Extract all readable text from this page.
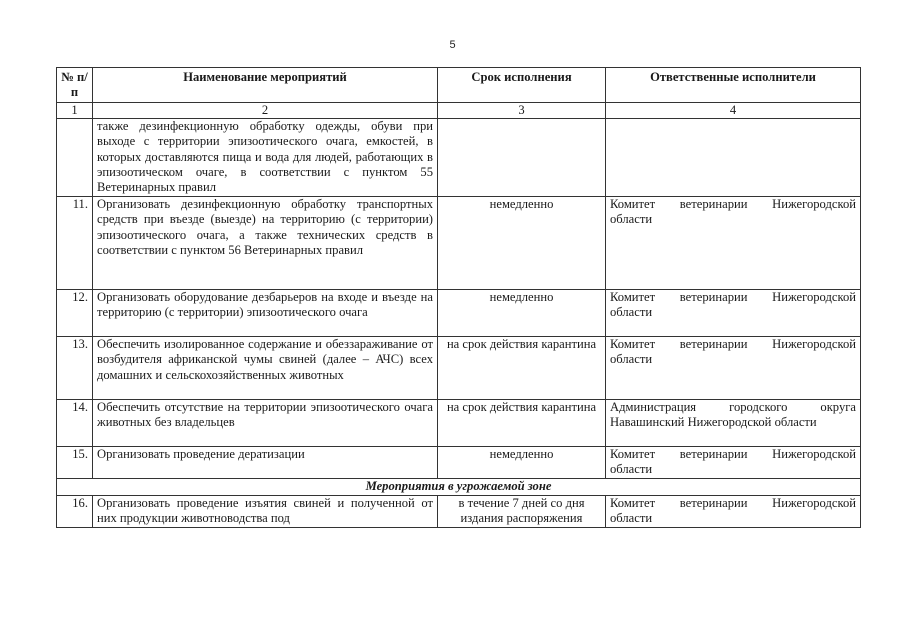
5
№ п/п	Наименование мероприятий	Срок исполнения	Ответственные исполнители
1	2	3	4
	также дезинфекционную обработку одежды, обуви при выходе с территории эпизоотического очага, емкостей, в которых доставляются пища и вода для людей, работающих в эпизоотическом очаге, в соответствии с пунктом 55 Ветеринарных правил		
11.	Организовать дезинфекционную обработку транспортных средств при въезде (выезде) на территорию (с территории) эпизоотического очага, а также технических средств в соответствии с пунктом 56 Ветеринарных правил	немедленно	Комитет ветеринарии Нижегородской области
12.	Организовать оборудование дезбарьеров на входе и въезде на территорию (с территории) эпизоотического очага	немедленно	Комитет ветеринарии Нижегородской области
13.	Обеспечить изолированное содержание и обеззараживание от возбудителя африканской чумы свиней (далее – АЧС) всех домашних и сельскохозяйственных животных	на срок действия карантина	Комитет ветеринарии Нижегородской области
14.	Обеспечить отсутствие на территории эпизоотического очага животных без владельцев	на срок действия карантина	Администрация городского округа Навашинский Нижегородской области
15.	Организовать проведение дератизации	немедленно	Комитет ветеринарии Нижегородской области
Мероприятия в угрожаемой зоне			
16.	Организовать проведение изъятия свиней и полученной от них продукции животноводства под	в течение 7 дней со дня издания распоряжения	Комитет ветеринарии Нижегородской области
